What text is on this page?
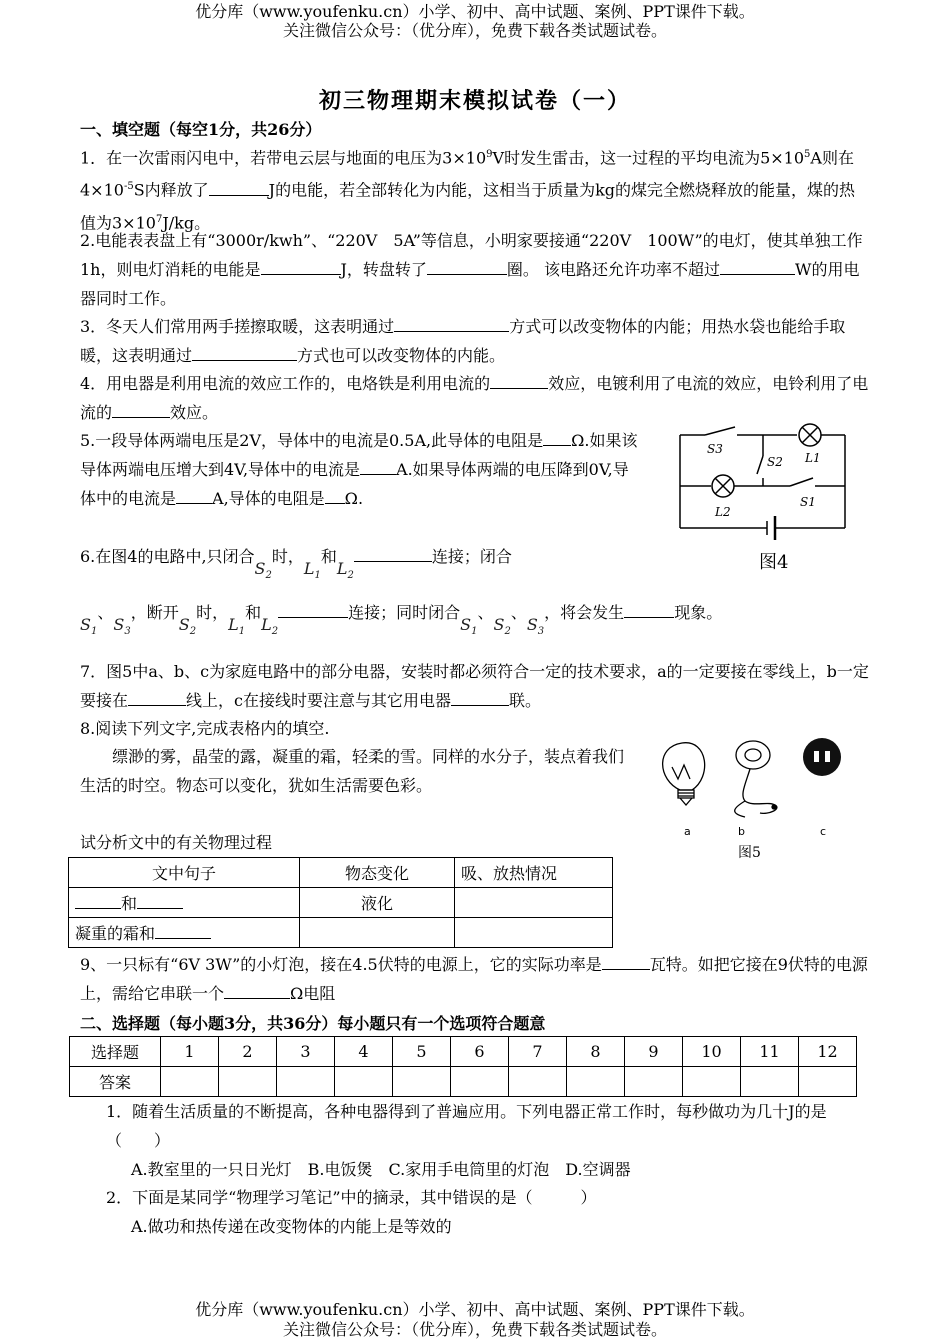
优分库（www.youfenku.cn）小学、初中、高中试题、案例、PPT课件下载。
关注微信公众号：（优分库），免费下载各类试题试卷。
初三物理期末模拟试卷（一）
一、填空题（每空1分，共26分）
1．在一次雷雨闪电中，若带电云层与地面的电压为$3\times 10^9V$时发生雷击，这一过程的平均电流为$5\times 10^5A$则在$4\times 10^{-5}S$内释放了	J的电能，若全部转化为内能，这相当于质量为kg的煤完全燃烧释放的能量，煤的热值为$3\times 10^7J/kg$。
2.电能表表盘上有“3000r/kwh”、“220V　5A”等信息，小明家要接通“220V　100W”的电灯，使其单独工作1h，则电灯消耗的电能是	J，转盘转了	圈。 该电路还允许功率不超过	W的用电器同时工作。
3．冬天人们常用两手搓擦取暖，这表明通过	方式可以改变物体的内能；用热水袋也能给手取暖，这表明通过	方式也可以改变物体的内能。
4．用电器是利用电流的效应工作的，电烙铁是利用电流的	效应，电镀利用了电流的效应，电铃利用了电流的	效应。
5.一段导体两端电压是2V，导体中的电流是0.5A,此导体的电阻是 Ω.如果该导体两端电压增大到4V,导体中的电流是 A.如果导体两端的电压降到0V,导体中的电流是 A,导体的电阻是 Ω.
6.在图4的电路中,只闭合$S_2$时，$L_1$和$L_2$连接；闭合
$S_1$、$S_3$，断开$S_2$时，$L_1$和$L_2$连接；同时闭合$S_1$、$S_2$、$S_3$，将会发生	现象。
7．图5中a、b、c为家庭电路中的部分电器，安装时都必须符合一定的技术要求，a的一定要接在零线上，b一定要接在	线上，c在接线时要注意与其它用电器	联。
8.阅读下列文字,完成表格内的填空.
缥渺的雾，晶莹的露，凝重的霜，轻柔的雪。同样的水分子，装点着我们生活的时空。物态可以变化，犹如生活需要色彩。
试分析文中的有关物理过程
文中句子	物态变化	吸、放热情况
和	液化	
凝重的霜和		
9、一只标有“6V 3W”的小灯泡，接在4.5伏特的电源上，它的实际功率是	瓦特。如把它接在9伏特的电源上，需给它串联一个	Ω电阻
二、选择题（每小题3分，共36分）每小题只有一个选项符合题意
选择题	1	2	3	4	5	6	7	8	9	10	11	12
答案												
1．随着生活质量的不断提高，各种电器得到了普遍应用。下列电器正常工作时，每秒做功为几十J的是（　　）
A.教室里的一只日光灯　B.电饭煲　C.家用手电筒里的灯泡　D.空调器
2．下面是某同学“物理学习笔记”中的摘录，其中错误的是（　　　）
A.做功和热传递在改变物体的内能上是等效的
S3
S2 L1
L2
S1
图4
a	b	c
图5
优分库（www.youfenku.cn）小学、初中、高中试题、案例、PPT课件下载。
关注微信公众号：（优分库），免费下载各类试题试卷。
